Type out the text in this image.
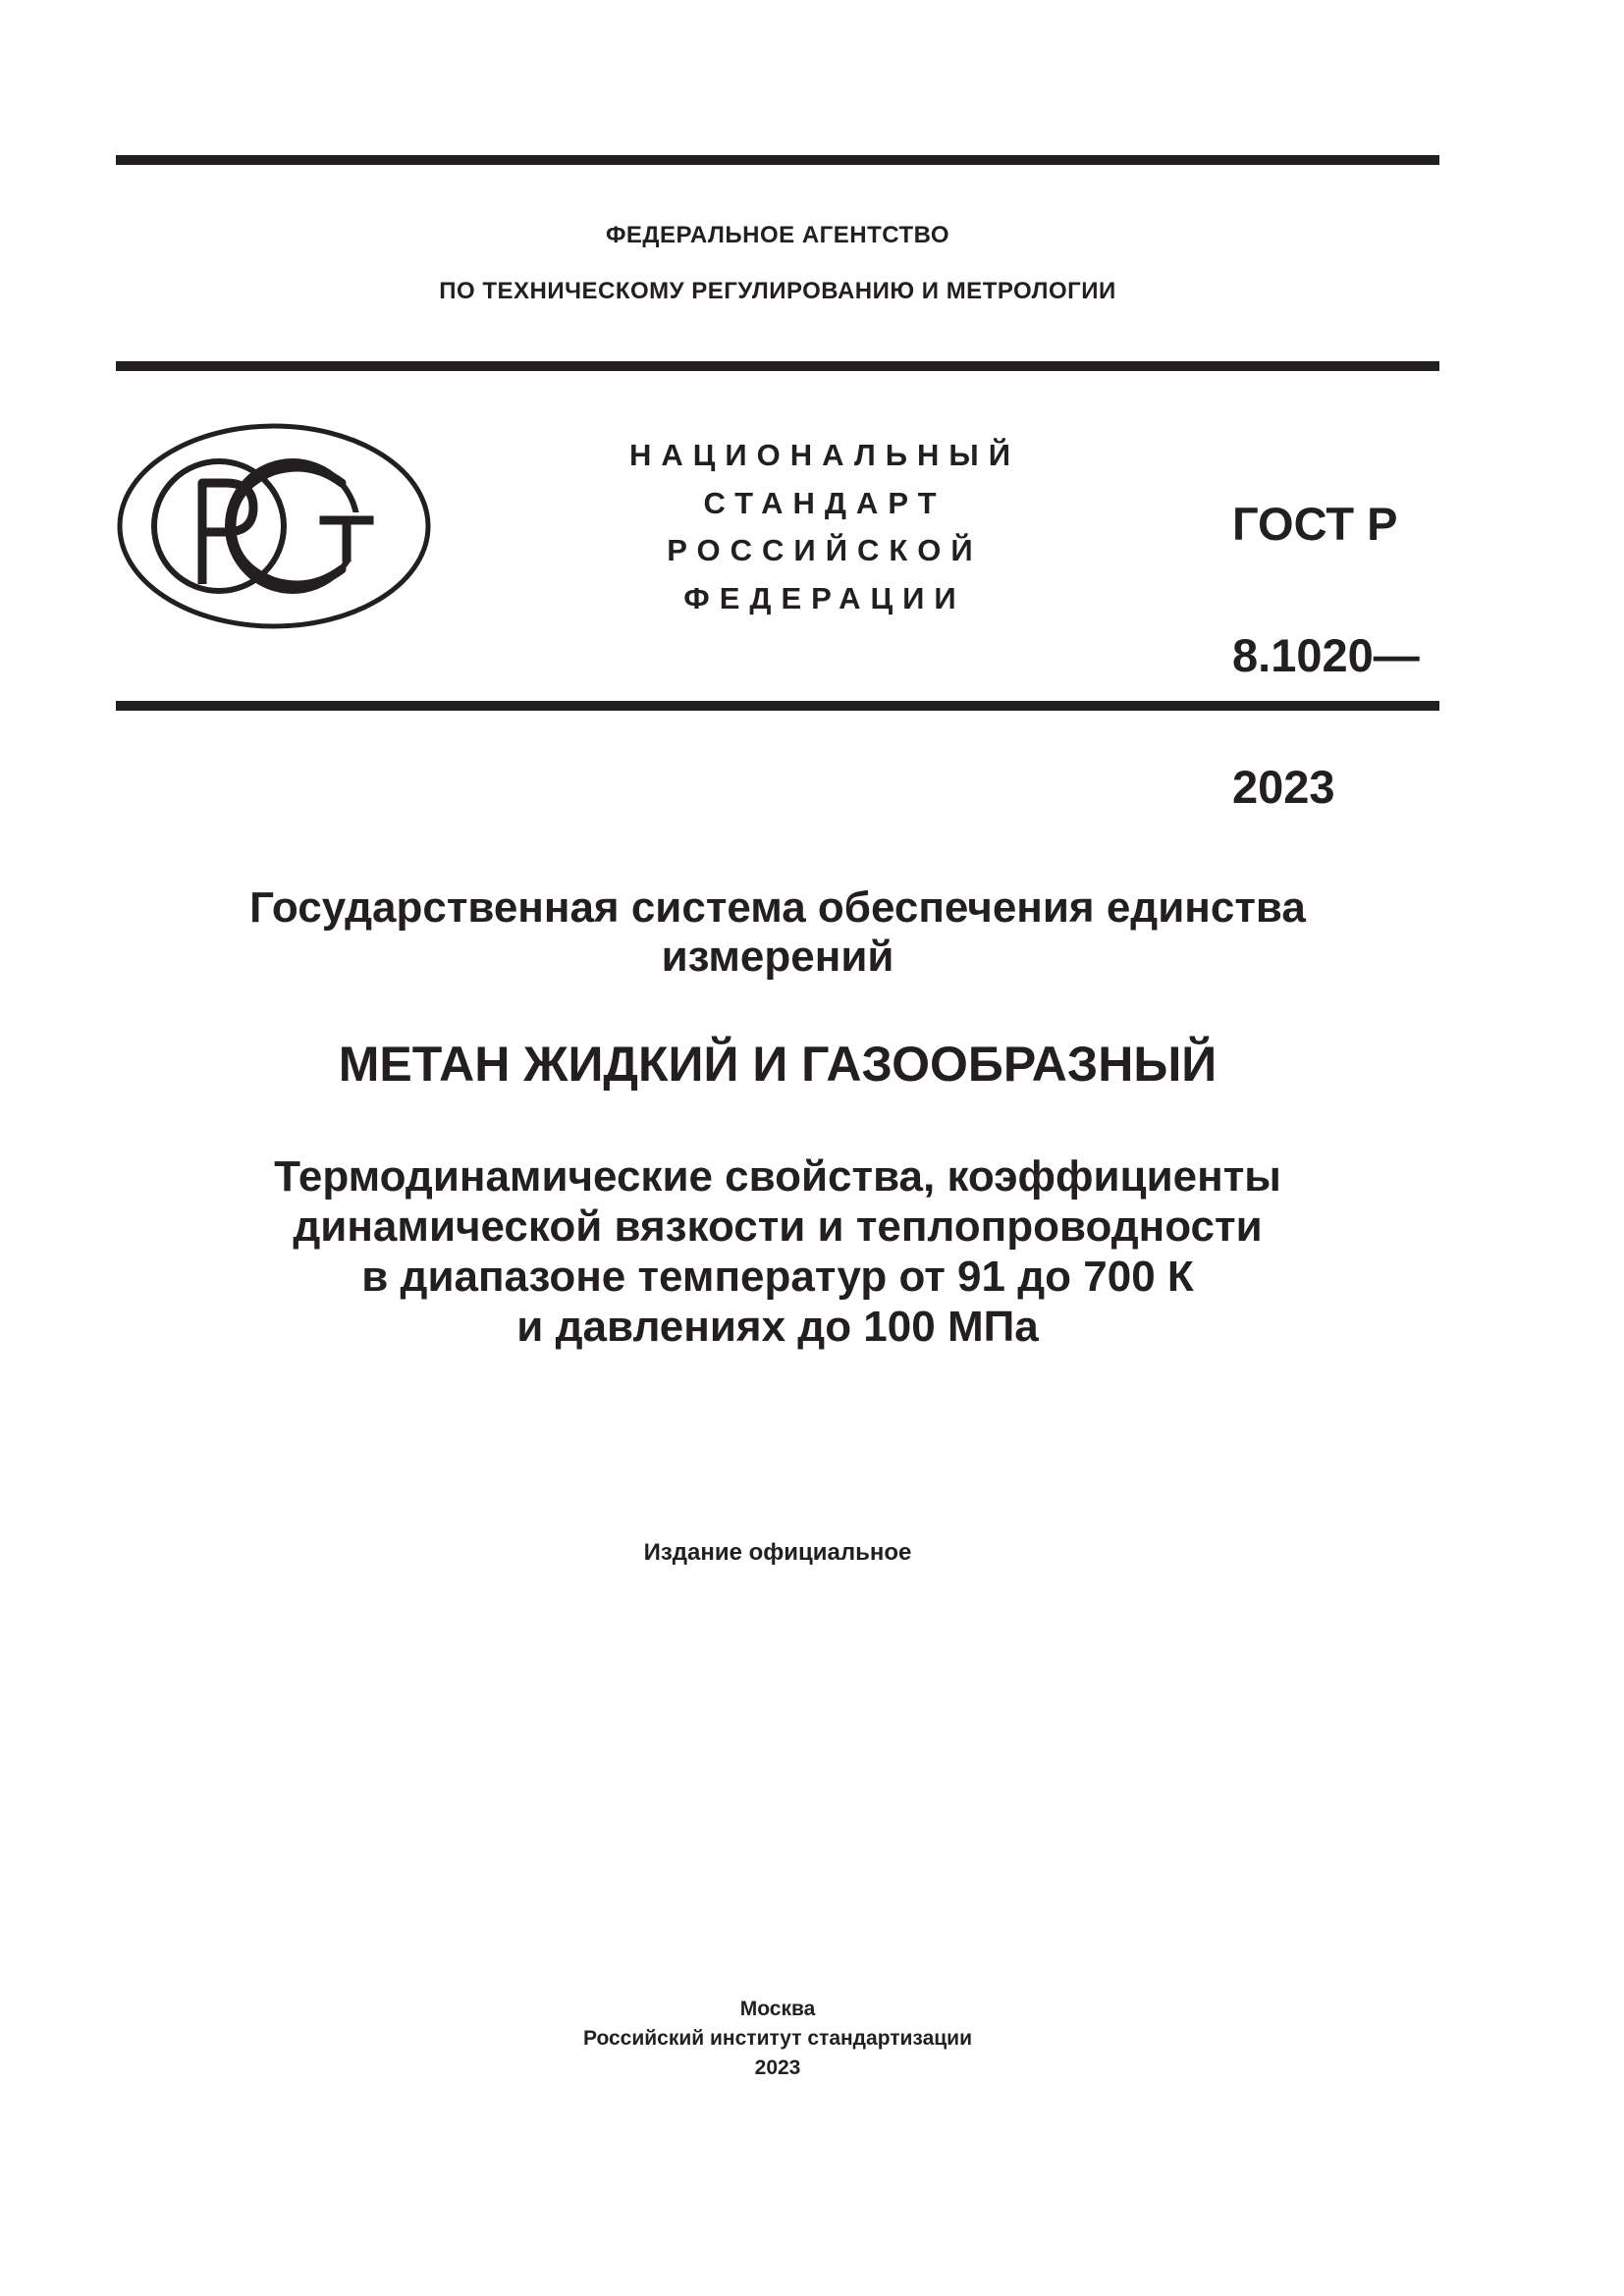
ФЕДЕРАЛЬНОЕ АГЕНТСТВО
ПО ТЕХНИЧЕСКОМУ РЕГУЛИРОВАНИЮ И МЕТРОЛОГИИ
НАЦИОНАЛЬНЫЙ
СТАНДАРТ
РОССИЙСКОЙ
ФЕДЕРАЦИИ

ГОСТ Р

8.1020—

2023

Государственная система обеспечения единства
измерений
МЕТАН ЖИДКИЙ И ГАЗООБРАЗНЫЙ
Термодинамические свойства, коэффициенты
динамической вязкости и теплопроводности
в диапазоне температур от 91 до 700 К
и давлениях до 100 МПа
Издание официальное
Москва
Российский институт стандартизации
2023
